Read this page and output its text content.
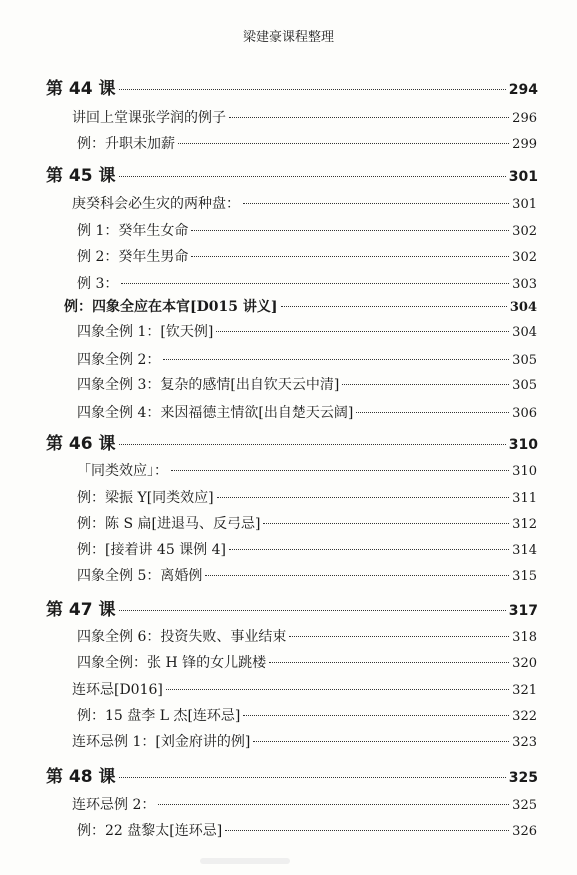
梁建豪课程整理
第 44 课	294
讲回上堂课张学润的例子	296
例：升职未加薪	299
第 45 课	301
庚癸科会必生灾的两种盘：	301
例 1：癸年生女命	302
例 2：癸年生男命	302
例 3：	303
例：四象全应在本官[D015 讲义]	304
四象全例 1：[钦天例]	304
四象全例 2：	305
四象全例 3：复杂的感情[出自钦天云中清]	305
四象全例 4：来因福德主情欲[出自楚天云阔]	306
第 46 课	310
「同类效应」：	310
例：梁振 Y[同类效应]	311
例：陈 S 扁[进退马、反弓忌]	312
例：[接着讲 45 课例 4]	314
四象全例 5：离婚例	315
第 47 课	317
四象全例 6：投资失败、事业结束	318
四象全例：张 H 锋的女儿跳楼	320
连环忌[D016]	321
例：15 盘李 L 杰[连环忌]	322
连环忌例 1：[刘金府讲的例]	323
第 48 课	325
连环忌例 2：	325
例：22 盘黎太[连环忌]	326
